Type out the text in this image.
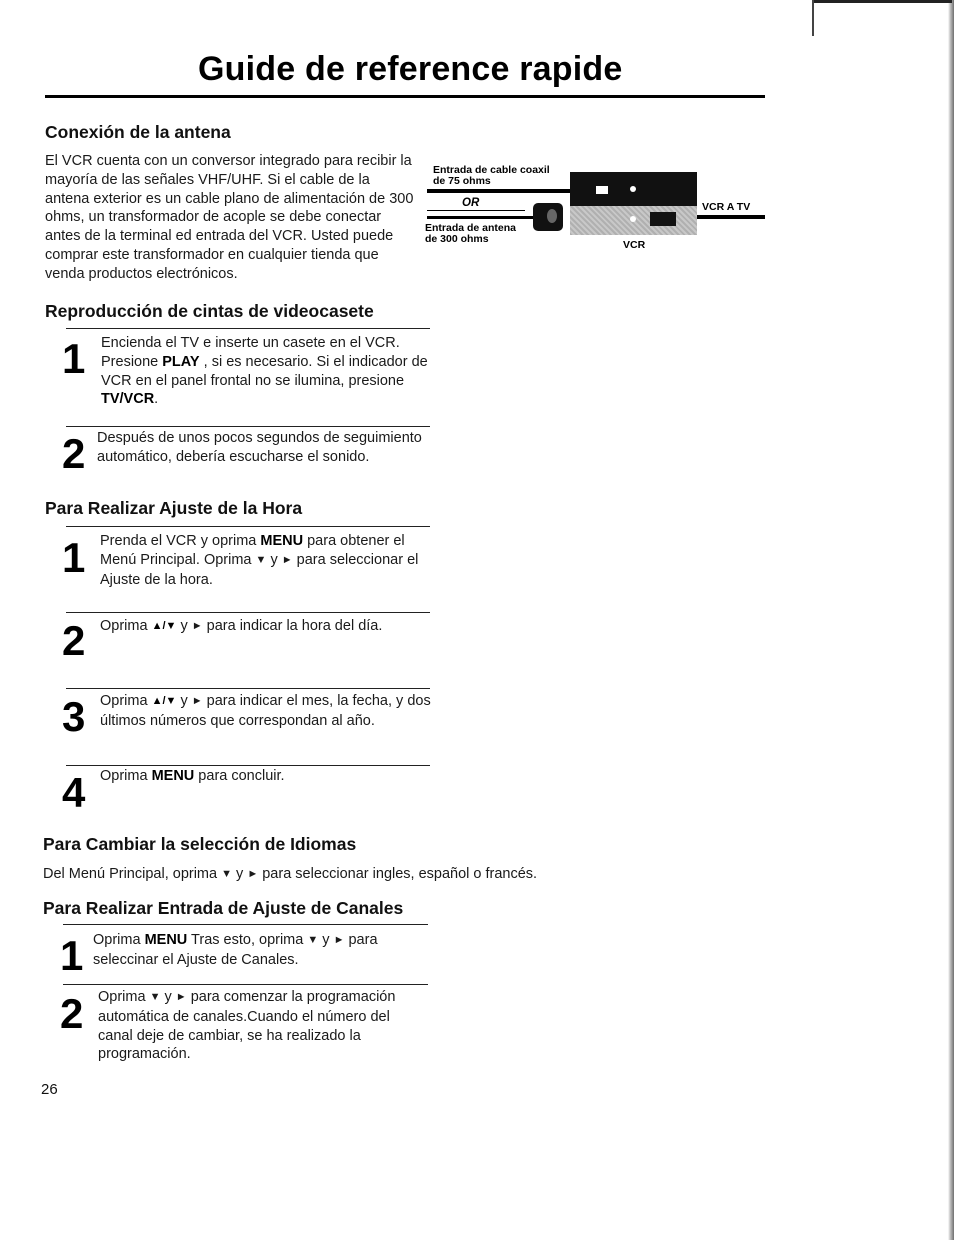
Guide de reference rapide
Conexión de la antena
El VCR cuenta con un conversor integrado para recibir la mayoría de las señales VHF/UHF. Si el cable de la antena exterior es un cable plano de alimentación de 300 ohms, un transformador de acople se debe conectar antes de la terminal ed entrada del VCR. Usted puede comprar este transformador en cualquier tienda que venda productos electrónicos.
Entrada de cable coaxil
de 75 ohms
OR
Entrada de antena
de 300 ohms
VCR A TV
VCR
Reproducción de cintas de videocasete
1 Encienda el TV e inserte un casete en el VCR. Presione PLAY , si es necesario. Si el indicador de VCR en el panel frontal no se ilumina, presione TV/VCR.
2 Después de unos pocos segundos de seguimiento automático, debería escucharse el sonido.
Para Realizar Ajuste de la Hora
1 Prenda el VCR y oprima MENU para obtener el Menú Principal. Oprima ▼ y ► para seleccionar el Ajuste de la hora.
2 Oprima ▲/▼ y ► para indicar la hora del día.
3 Oprima ▲/▼ y ► para indicar el mes, la fecha, y dos últimos números que correspondan al año.
4 Oprima MENU para concluir.
Para Cambiar la selección de Idiomas
Del Menú Principal, oprima ▼ y ► para seleccionar ingles, español o francés.
Para Realizar Entrada de Ajuste de Canales
1 Oprima MENU Tras esto, oprima ▼ y ► para seleccinar el Ajuste de Canales.
2 Oprima ▼ y ► para comenzar la programación automática de canales.Cuando el número del canal deje de cambiar, se ha realizado la programación.
26
